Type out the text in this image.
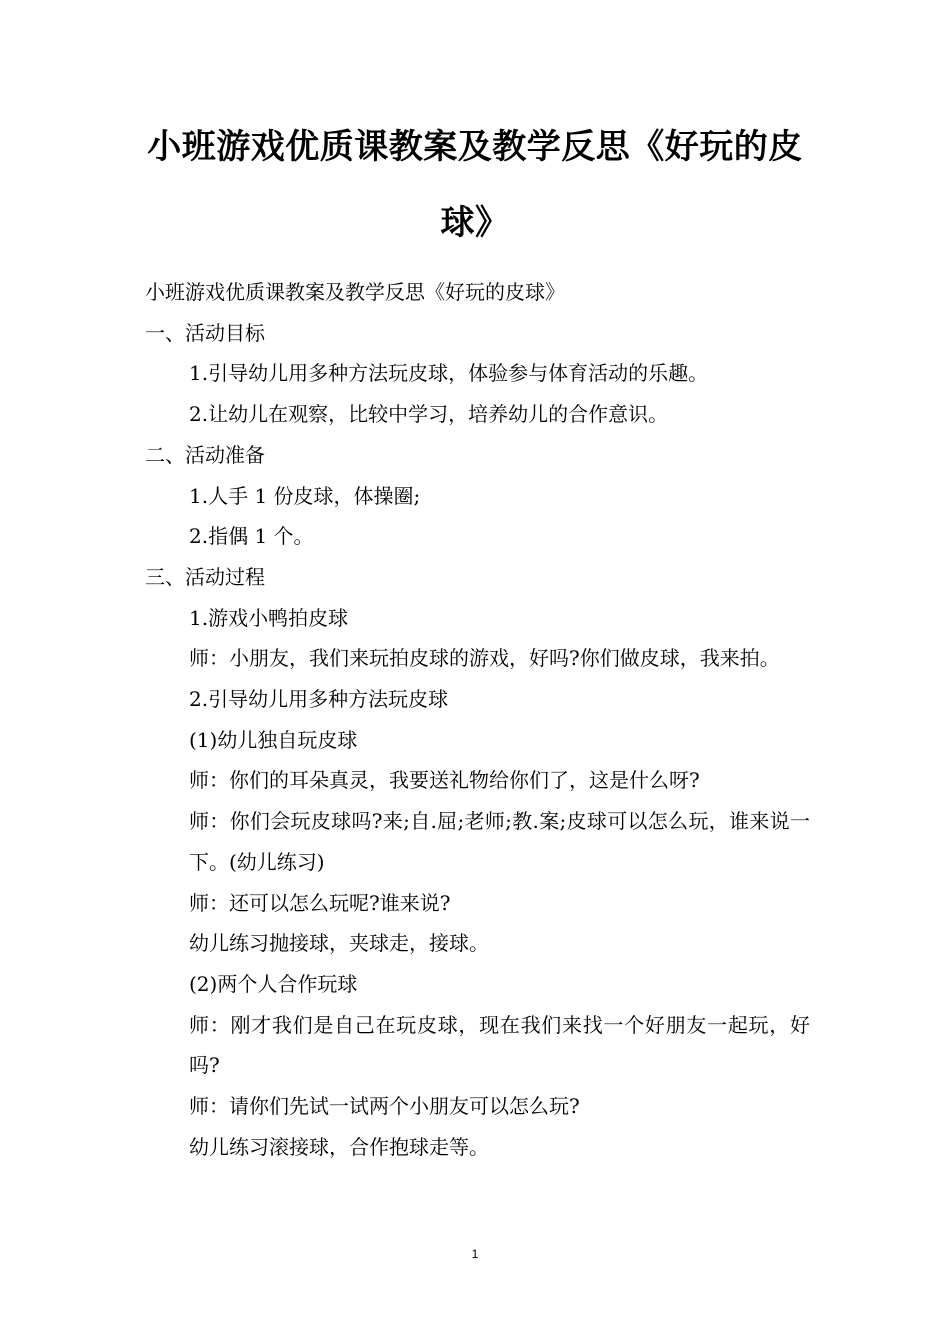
小班游戏优质课教案及教学反思《好玩的皮
球》

小班游戏优质课教案及教学反思《好玩的皮球》

一、活动目标

1.引导幼儿用多种方法玩皮球，体验参与体育活动的乐趣。

2.让幼儿在观察，比较中学习，培养幼儿的合作意识。

二、活动准备

1.人手 1 份皮球，体操圈;

2.指偶 1 个。

三、活动过程

1.游戏小鸭拍皮球

师：小朋友，我们来玩拍皮球的游戏，好吗?你们做皮球，我来拍。

2.引导幼儿用多种方法玩皮球

(1)幼儿独自玩皮球

师：你们的耳朵真灵，我要送礼物给你们了，这是什么呀?

师：你们会玩皮球吗?来;自.屈;老师;教.案;皮球可以怎么玩，谁来说一下。(幼儿练习)

师：还可以怎么玩呢?谁来说?

幼儿练习抛接球，夹球走，接球。

(2)两个人合作玩球

师：刚才我们是自己在玩皮球，现在我们来找一个好朋友一起玩，好吗?

师：请你们先试一试两个小朋友可以怎么玩?

幼儿练习滚接球，合作抱球走等。

1
